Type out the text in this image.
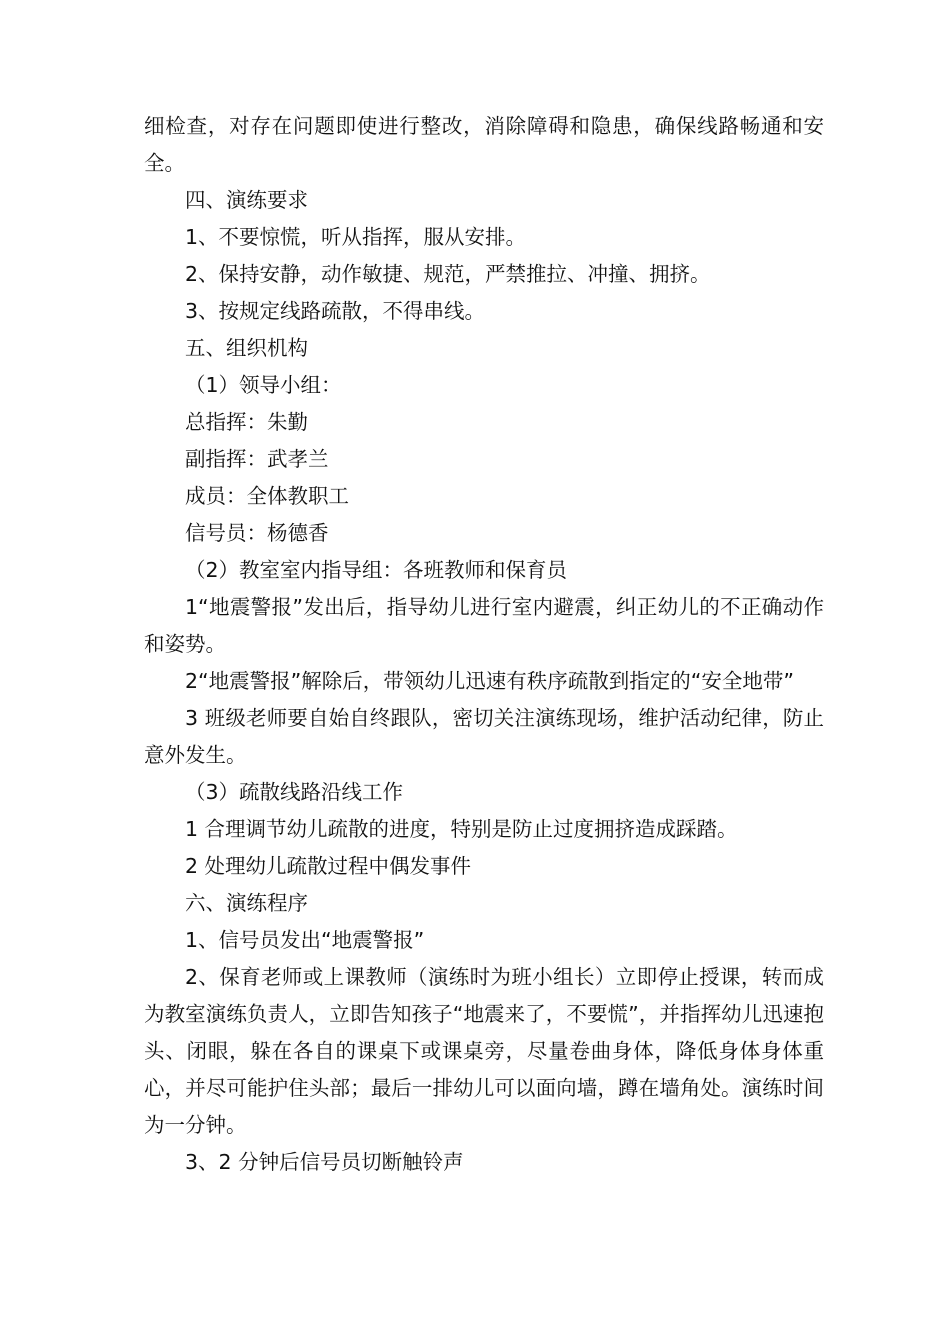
细检查，对存在问题即使进行整改，消除障碍和隐患，确保线路畅通和安全。

四、演练要求

1、不要惊慌，听从指挥，服从安排。

2、保持安静，动作敏捷、规范，严禁推拉、冲撞、拥挤。

3、按规定线路疏散，不得串线。

五、组织机构

（1）领导小组：

总指挥：朱勤

副指挥：武孝兰

成员：全体教职工

信号员：杨德香

（2）教室室内指导组：各班教师和保育员

1“地震警报”发出后，指导幼儿进行室内避震，纠正幼儿的不正确动作和姿势。

2“地震警报”解除后，带领幼儿迅速有秩序疏散到指定的“安全地带”

3 班级老师要自始自终跟队，密切关注演练现场，维护活动纪律，防止意外发生。

（3）疏散线路沿线工作

1 合理调节幼儿疏散的进度，特别是防止过度拥挤造成踩踏。

2 处理幼儿疏散过程中偶发事件

六、演练程序

1、信号员发出“地震警报”

2、保育老师或上课教师（演练时为班小组长）立即停止授课，转而成为教室演练负责人，立即告知孩子“地震来了，不要慌”，并指挥幼儿迅速抱头、闭眼，躲在各自的课桌下或课桌旁，尽量卷曲身体，降低身体身体重心，并尽可能护住头部；最后一排幼儿可以面向墙，蹲在墙角处。演练时间为一分钟。

3、2 分钟后信号员切断触铃声
